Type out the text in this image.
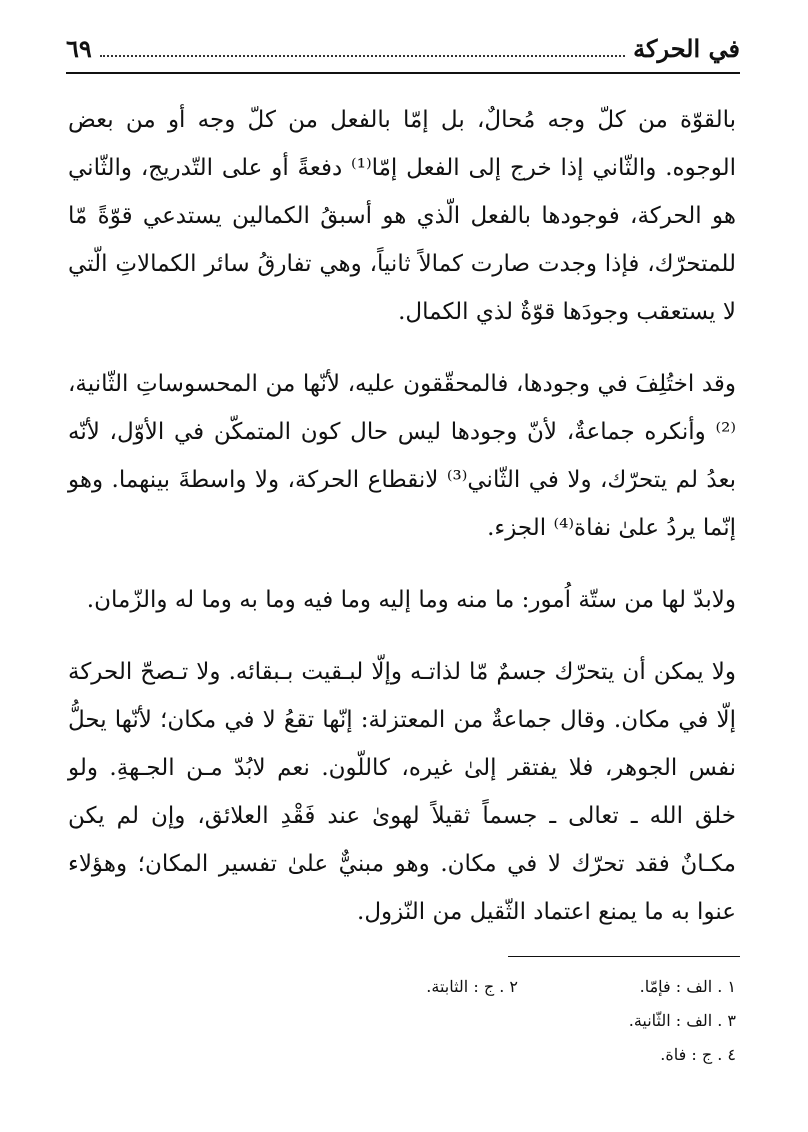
في الحركة
٦٩

بالقوّة من كلّ وجه مُحالٌ، بل إمّا بالفعل من كلّ وجه أو من بعض الوجوه. والثّاني إذا خرج إلى الفعل إمّا⁽¹⁾ دفعةً أو على التّدريج، والثّاني هو الحركة، فوجودها بالفعل الّذي هو أسبقُ الكمالين يستدعي قوّةً مّا للمتحرّك، فإذا وجدت صارت كمالاً ثانياً، وهي تفارقُ سائر الكمالاتِ الّتي لا يستعقب وجودَها قوّةٌ لذي الكمال.

وقد اختُلِفَ في وجودها، فالمحقّقون عليه، لأنّها من المحسوساتِ الثّانية،⁽²⁾ وأنكره جماعةٌ، لأنّ وجودها ليس حال كون المتمكّن في الأوّل، لأنّه بعدُ لم يتحرّك، ولا في الثّاني⁽³⁾ لانقطاع الحركة، ولا واسطةَ بينهما. وهو إنّما يردُ علىٰ نفاة⁽⁴⁾ الجزء.

ولابدّ لها من ستّة اُمور: ما منه وما إليه وما فيه وما به وما له والزّمان.

ولا يمكن أن يتحرّك جسمٌ مّا لذاتـه وإلّا لبـقيت بـبقائه. ولا تـصحّ الحركة إلّا في مكان. وقال جماعةٌ من المعتزلة: إنّها تقعُ لا في مكان؛ لأنّها يحلُّ نفس الجوهر، فلا يفتقر إلىٰ غيره، كاللّون. نعم لابُدّ مـن الجـهةِ. ولو خلق الله ـ تعالى ـ جسماً ثقيلاً لهوىٰ عند فَقْدِ العلائق، وإن لم يكن مكـانٌ فقد تحرّك لا في مكان. وهو مبنيٌّ علىٰ تفسير المكان؛ وهؤلاء عنوا به ما يمنع اعتماد الثّقيل من النّزول.

١ . الف : فإمّا.
٢ . ج : الثابتة.
٣ . الف : الثّانية.
٤ . ج : فاة.
